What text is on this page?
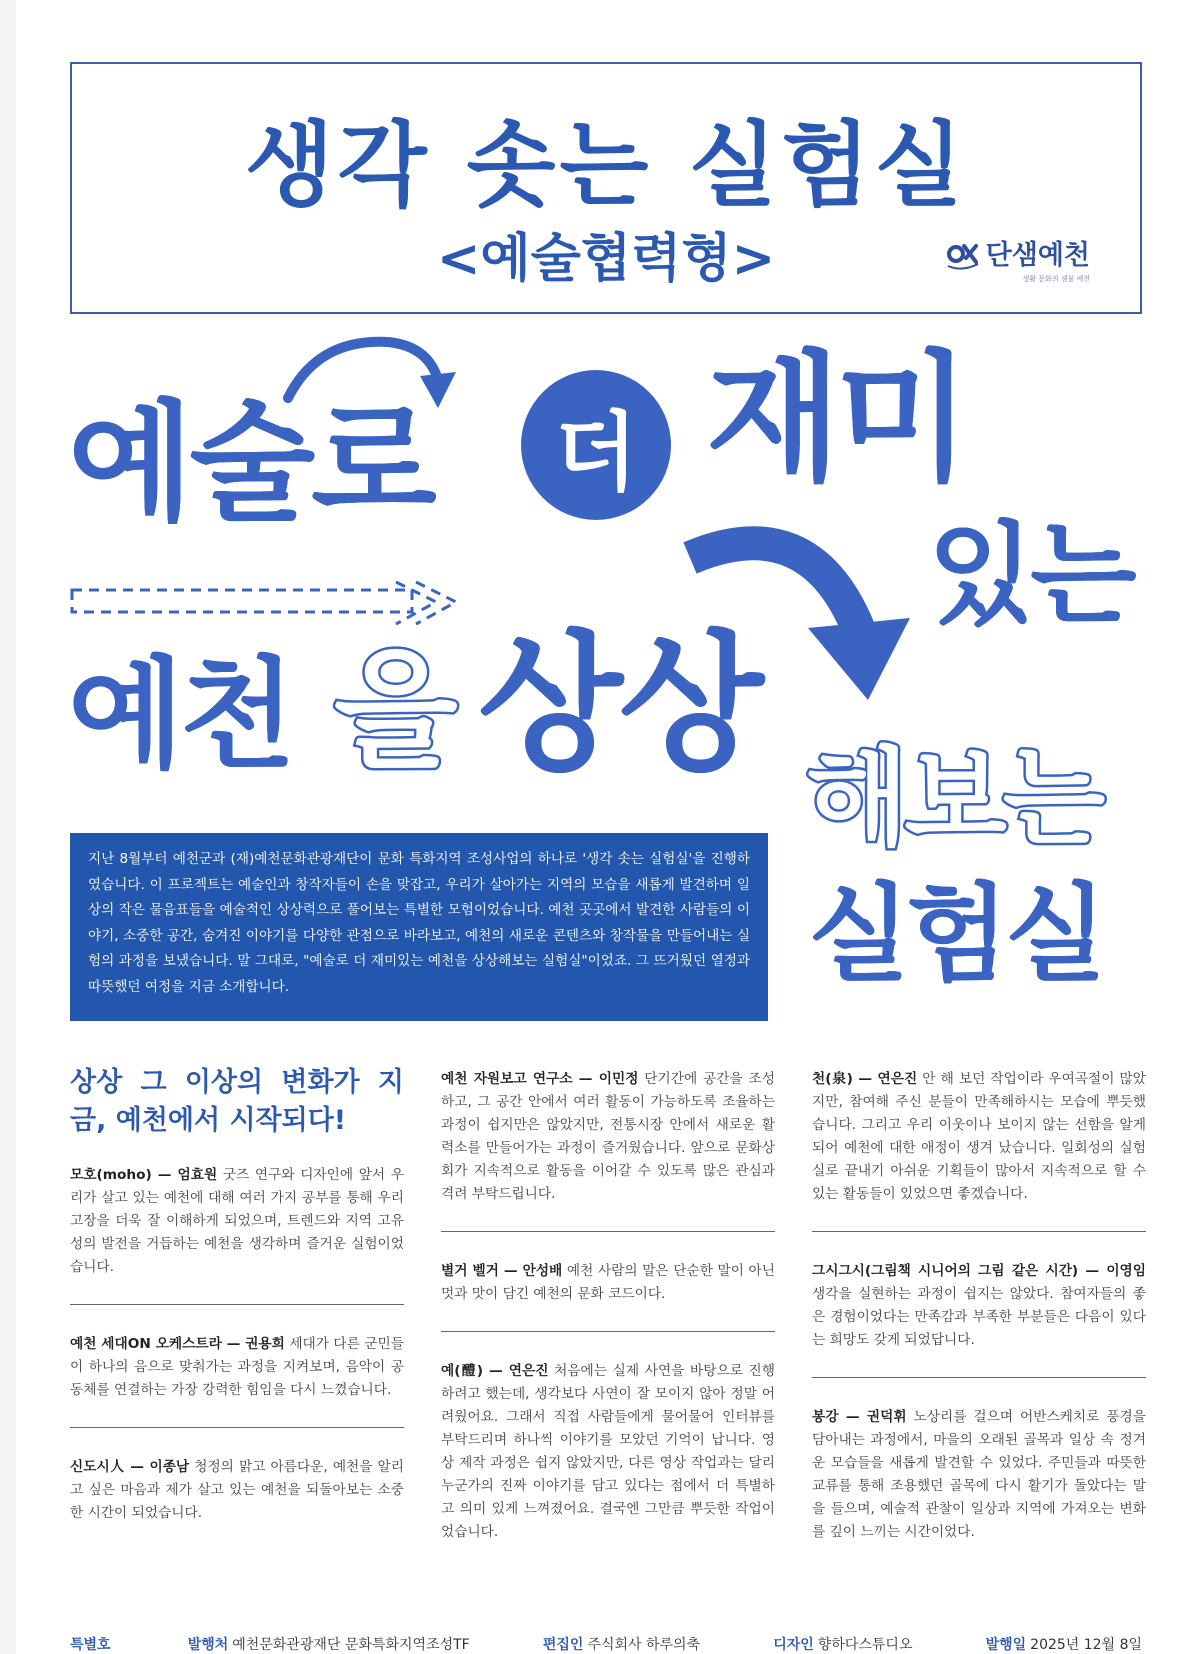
생각 솟는 실험실
<예술협력형>	단샘예천
생활 문화의 샘물 예천
예술로	더 재미
있는
예천 을 상상
해보는
실험실
지난 8월부터 예천군과 (재)예천문화관광재단이 문화 특화지역 조성사업의 하나로 '생각 솟는 실험실'을 진행하였습니다. 이 프로젝트는 예술인과 창작자들이 손을 맞잡고, 우리가 살아가는 지역의 모습을 새롭게 발견하며 일상의 작은 물음표들을 예술적인 상상력으로 풀어보는 특별한 모험이었습니다. 예천 곳곳에서 발견한 사람들의 이야기, 소중한 공간, 숨겨진 이야기를 다양한 관점으로 바라보고, 예천의 새로운 콘텐츠와 창작물을 만들어내는 실험의 과정을 보냈습니다. 말 그대로, "예술로 더 재미있는 예천을 상상해보는 실험실"이었죠. 그 뜨거웠던 열정과 따뜻했던 여정을 지금 소개합니다.
상상 그 이상의 변화가 지금, 예천에서 시작되다!

모호(moho) — 엄효원 굿즈 연구와 디자인에 앞서 우리가 살고 있는 예천에 대해 여러 가지 공부를 통해 우리 고장을 더욱 잘 이해하게 되었으며, 트렌드와 지역 고유성의 발전을 거듭하는 예천을 생각하며 즐거운 실험이었습니다.

예천 세대ON 오케스트라 — 권용희 세대가 다른 군민들이 하나의 음으로 맞춰가는 과정을 지켜보며, 음악이 공동체를 연결하는 가장 강력한 힘임을 다시 느꼈습니다.

신도시人 — 이종남 청정의 맑고 아름다운, 예천을 알리고 싶은 마음과 제가 살고 있는 예천을 되돌아보는 소중한 시간이 되었습니다.

예천 자원보고 연구소 — 이민정 단기간에 공간을 조성하고, 그 공간 안에서 여러 활동이 가능하도록 조율하는 과정이 쉽지만은 않았지만, 전통시장 안에서 새로운 활력소를 만들어가는 과정이 즐거웠습니다. 앞으로 문화상회가 지속적으로 활동을 이어갈 수 있도록 많은 관심과 격려 부탁드립니다.

별거 벨거 — 안성배 예천 사람의 말은 단순한 말이 아닌 멋과 맛이 담긴 예천의 문화 코드이다.

예(醴) — 연은진 처음에는 실제 사연을 바탕으로 진행 하려고 했는데, 생각보다 사연이 잘 모이지 않아 정말 어려웠어요. 그래서 직접 사람들에게 물어물어 인터뷰를 부탁드리며 하나씩 이야기를 모았던 기억이 납니다. 영상 제작 과정은 쉽지 않았지만, 다른 영상 작업과는 달리 누군가의 진짜 이야기를 담고 있다는 점에서 더 특별하고 의미 있게 느껴졌어요. 결국엔 그만큼 뿌듯한 작업이었습니다.

천(泉) — 연은진 안 해 보던 작업이라 우여곡절이 많았지만, 참여해 주신 분들이 만족해하시는 모습에 뿌듯했습니다. 그리고 우리 이웃이나 보이지 않는 선함을 알게 되어 예천에 대한 애정이 생겨 났습니다. 일회성의 실험실로 끝내기 아쉬운 기획들이 많아서 지속적으로 할 수 있는 활동들이 있었으면 좋겠습니다.

그시그시(그림책 시니어의 그림 같은 시간) — 이영임 생각을 실현하는 과정이 쉽지는 않았다. 참여자들의 좋은 경험이었다는 만족감과 부족한 부분들은 다음이 있다는 희망도 갖게 되었답니다.

봉강 — 권덕휘 노상리를 걸으며 어반스케치로 풍경을 담아내는 과정에서, 마을의 오래된 골목과 일상 속 정겨운 모습들을 새롭게 발견할 수 있었다. 주민들과 따뜻한 교류를 통해 조용했던 골목에 다시 활기가 돌았다는 말을 들으며, 예술적 관찰이 일상과 지역에 가져오는 변화를 깊이 느끼는 시간이었다.

특별호	발행처 예천문화관광재단 문화특화지역조성TF	편집인 주식회사 하루의축	디자인 향하다스튜디오	발행일 2025년 12월 8일
